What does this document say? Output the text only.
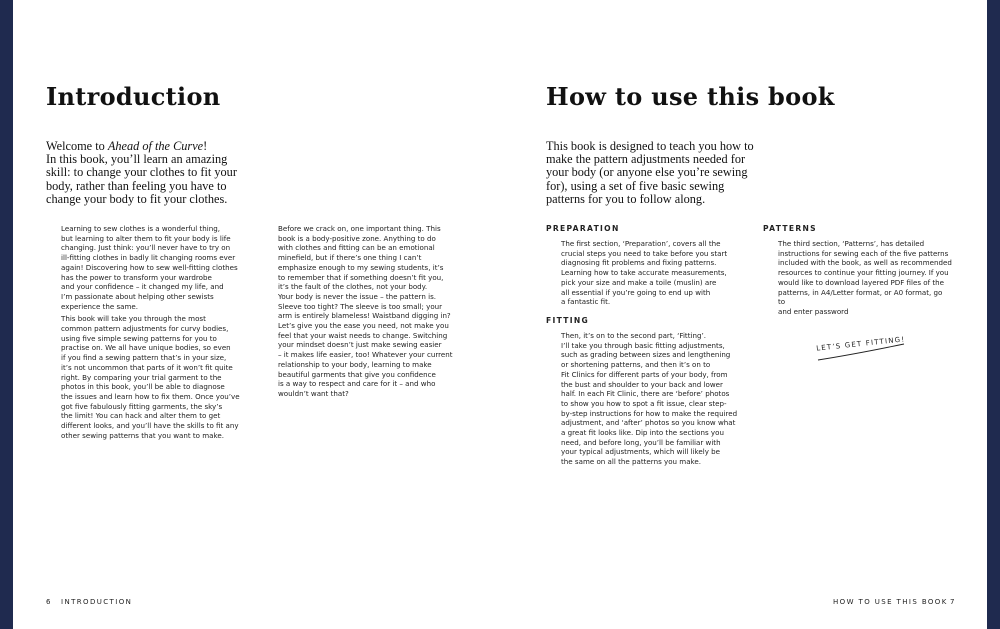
Introduction

Welcome to Ahead of the Curve!
In this book, you’ll learn an amazing
skill: to change your clothes to fit your
body, rather than feeling you have to
change your body to fit your clothes.

Learning to sew clothes is a wonderful thing,
but learning to alter them to fit your body is life
changing. Just think: you’ll never have to try on
ill-fitting clothes in badly lit changing rooms ever
again! Discovering how to sew well-fitting clothes
has the power to transform your wardrobe
and your confidence – it changed my life, and
I’m passionate about helping other sewists
experience the same.

This book will take you through the most
common pattern adjustments for curvy bodies,
using five simple sewing patterns for you to
practise on. We all have unique bodies, so even
if you find a sewing pattern that’s in your size,
it’s not uncommon that parts of it won’t fit quite
right. By comparing your trial garment to the
photos in this book, you’ll be able to diagnose
the issues and learn how to fix them. Once you’ve
got five fabulously fitting garments, the sky’s
the limit! You can hack and alter them to get
different looks, and you’ll have the skills to fit any
other sewing patterns that you want to make.

Before we crack on, one important thing. This
book is a body-positive zone. Anything to do
with clothes and fitting can be an emotional
minefield, but if there’s one thing I can’t
emphasize enough to my sewing students, it’s
to remember that if something doesn’t fit you,
it’s the fault of the clothes, not your body.
Your body is never the issue – the pattern is.
Sleeve too tight? The sleeve is too small; your
arm is entirely blameless! Waistband digging in?
Let’s give you the ease you need, not make you
feel that your waist needs to change. Switching
your mindset doesn’t just make sewing easier
– it makes life easier, too! Whatever your current
relationship to your body, learning to make
beautiful garments that give you confidence
is a way to respect and care for it – and who
wouldn’t want that?

6 INTRODUCTION
How to use this book

This book is designed to teach you how to
make the pattern adjustments needed for
your body (or anyone else you’re sewing
for), using a set of five basic sewing
patterns for you to follow along.

PREPARATION

The first section, ‘Preparation’, covers all the
crucial steps you need to take before you start
diagnosing fit problems and fixing patterns.
Learning how to take accurate measurements,
pick your size and make a toile (muslin) are
all essential if you’re going to end up with
a fantastic fit.

FITTING

Then, it’s on to the second part, ‘Fitting’.
I’ll take you through basic fitting adjustments,
such as grading between sizes and lengthening
or shortening patterns, and then it’s on to
Fit Clinics for different parts of your body, from
the bust and shoulder to your back and lower
half. In each Fit Clinic, there are ‘before’ photos
to show you how to spot a fit issue, clear step-
by-step instructions for how to make the required
adjustment, and ‘after’ photos so you know what
a great fit looks like. Dip into the sections you
need, and before long, you’ll be familiar with
your typical adjustments, which will likely be
the same on all the patterns you make.

PATTERNS

The third section, ‘Patterns’, has detailed
instructions for sewing each of the five patterns
included with the book, as well as recommended
resources to continue your fitting journey. If you
would like to download layered PDF files of the
patterns, in A4/Letter format, or A0 format, go
to
and enter password

LET’S GET FITTING!
HOW TO USE THIS BOOK 7
